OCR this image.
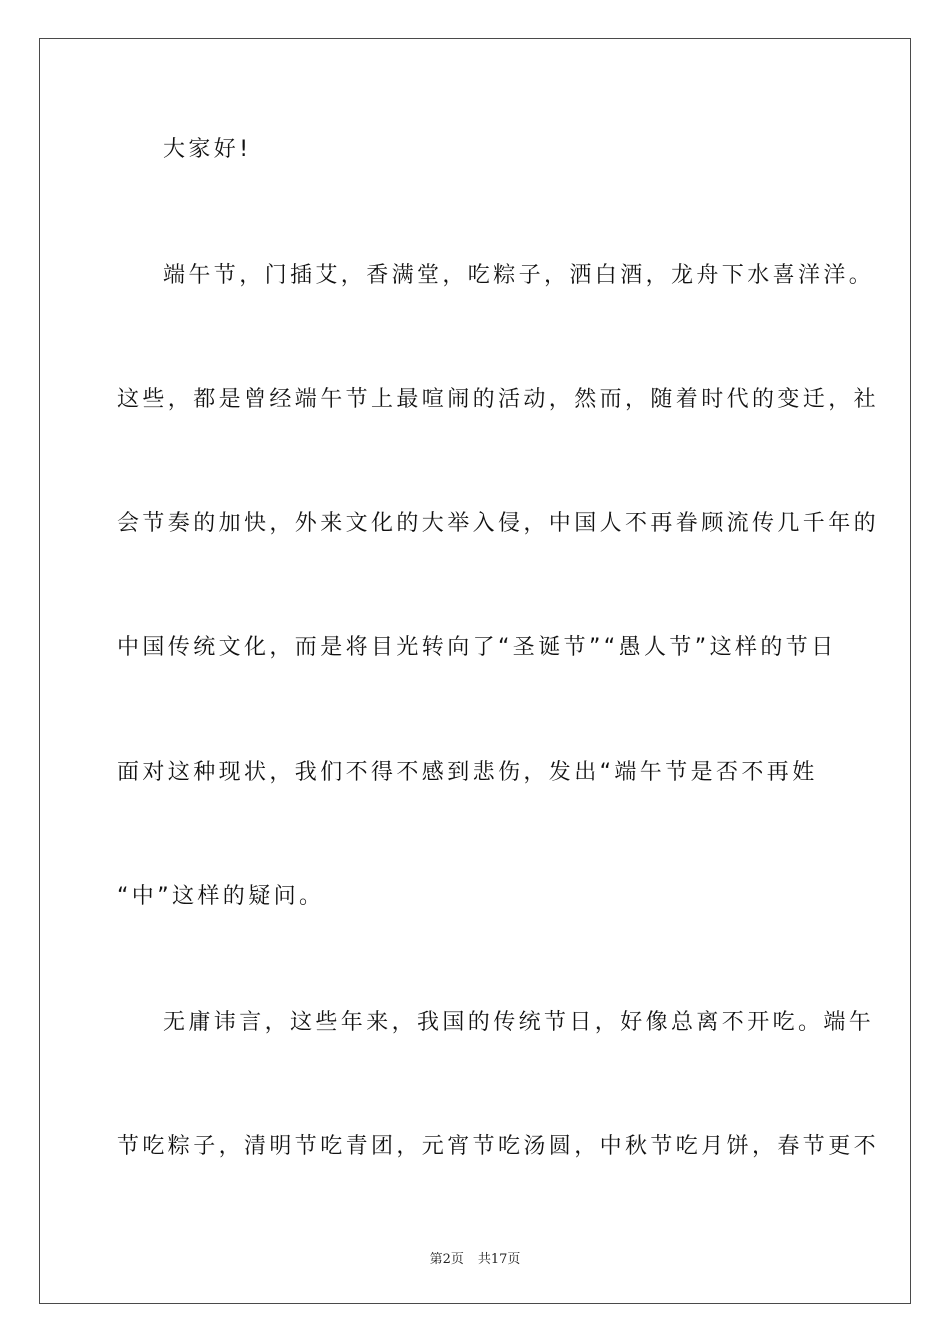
大家好!
端午节，门插艾，香满堂，吃粽子，洒白酒，龙舟下水喜洋洋。
这些，都是曾经端午节上最喧闹的活动，然而，随着时代的变迁，社
会节奏的加快，外来文化的大举入侵，中国人不再眷顾流传几千年的
中国传统文化，而是将目光转向了“圣诞节”“愚人节”这样的节日
面对这种现状，我们不得不感到悲伤，发出“端午节是否不再姓
“中”这样的疑问。
无庸讳言，这些年来，我国的传统节日，好像总离不开吃。端午
节吃粽子，清明节吃青团，元宵节吃汤圆，中秋节吃月饼，春节更不
第2页 共17页
